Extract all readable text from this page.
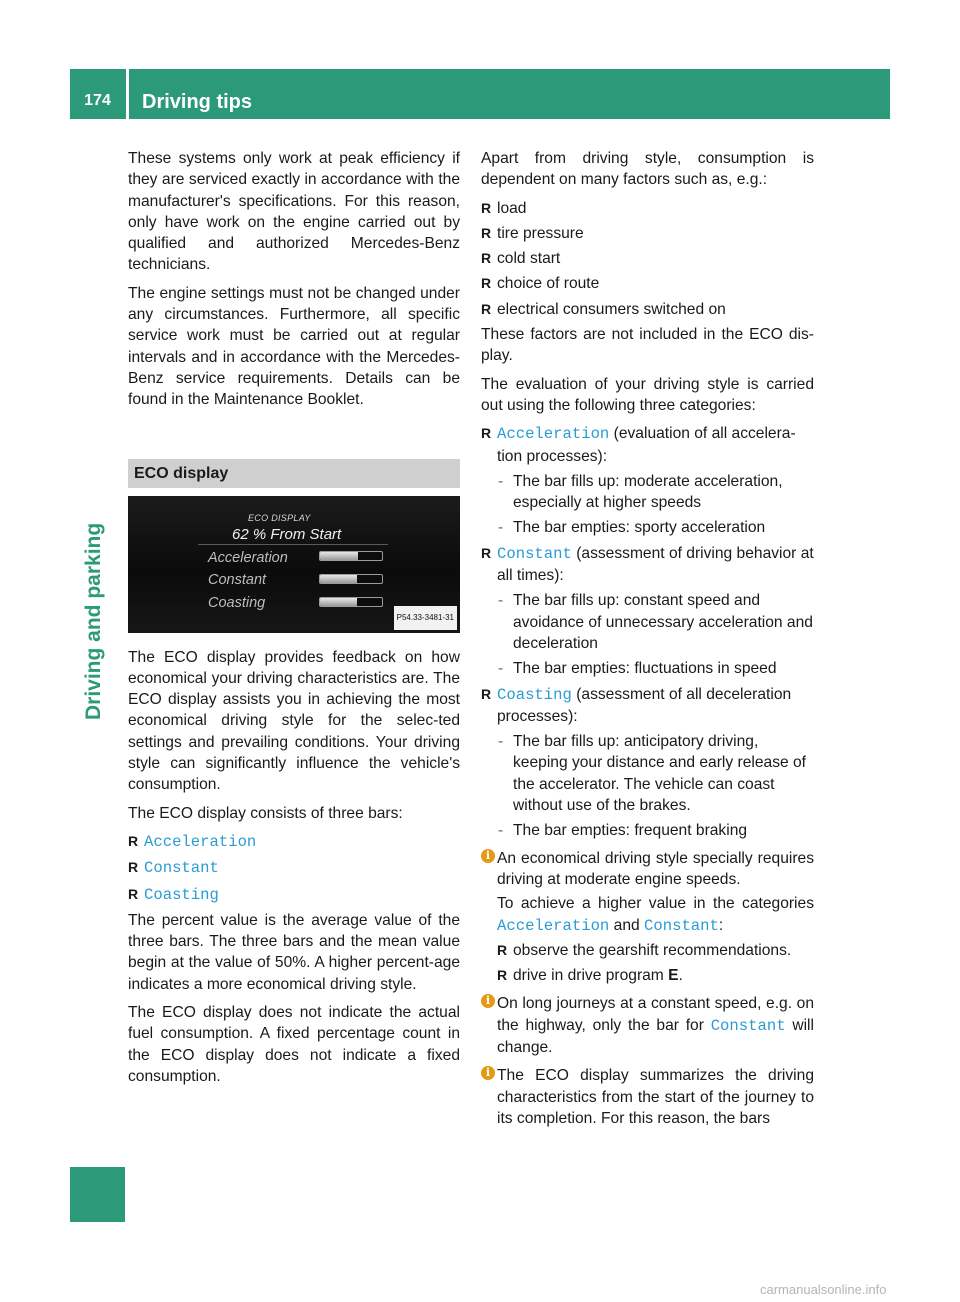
174	Driving tips
Driving and parking

These systems only work at peak efficiency if they are serviced exactly in accordance with the manufacturer's specifications. For this reason, only have work on the engine carried out by qualified and authorized Mercedes-Benz technicians.

The engine settings must not be changed under any circumstances. Furthermore, all specific service work must be carried out at regular intervals and in accordance with the Mercedes-Benz service requirements. Details can be found in the Maintenance Booklet.

ECO display
ECO DISPLAY
62 % From Start
Acceleration
Constant
Coasting
P54.33-3481-31

The ECO display provides feedback on how economical your driving characteristics are. The ECO display assists you in achieving the most economical driving style for the selec-ted settings and prevailing conditions. Your driving style can significantly influence the vehicle's consumption.

The ECO display consists of three bars:

R Acceleration
R Constant
R Coasting

The percent value is the average value of the three bars. The three bars and the mean value begin at the value of 50%. A higher percent-age indicates a more economical driving style.

The ECO display does not indicate the actual fuel consumption. A fixed percentage count in the ECO display does not indicate a fixed consumption.

Apart from driving style, consumption is dependent on many factors such as, e.g.:

R load
R tire pressure
R cold start
R choice of route
R electrical consumers switched on

These factors are not included in the ECO dis-play.

The evaluation of your driving style is carried out using the following three categories:

R Acceleration (evaluation of all accelera-tion processes):
- The bar fills up: moderate acceleration, especially at higher speeds
- The bar empties: sporty acceleration
R Constant (assessment of driving behavior at all times):
- The bar fills up: constant speed and avoidance of unnecessary acceleration and deceleration
- The bar empties: fluctuations in speed
R Coasting (assessment of all deceleration processes):
- The bar fills up: anticipatory driving, keeping your distance and early release of the accelerator. The vehicle can coast without use of the brakes.
- The bar empties: frequent braking
i An economical driving style specially requires driving at moderate engine speeds.

To achieve a higher value in the categories Acceleration and Constant:

R observe the gearshift recommendations.
R drive in drive program E.
i On long journeys at a constant speed, e.g. on the highway, only the bar for Constant will change.

i The ECO display summarizes the driving characteristics from the start of the journey to its completion. For this reason, the bars

carmanualsonline.info
